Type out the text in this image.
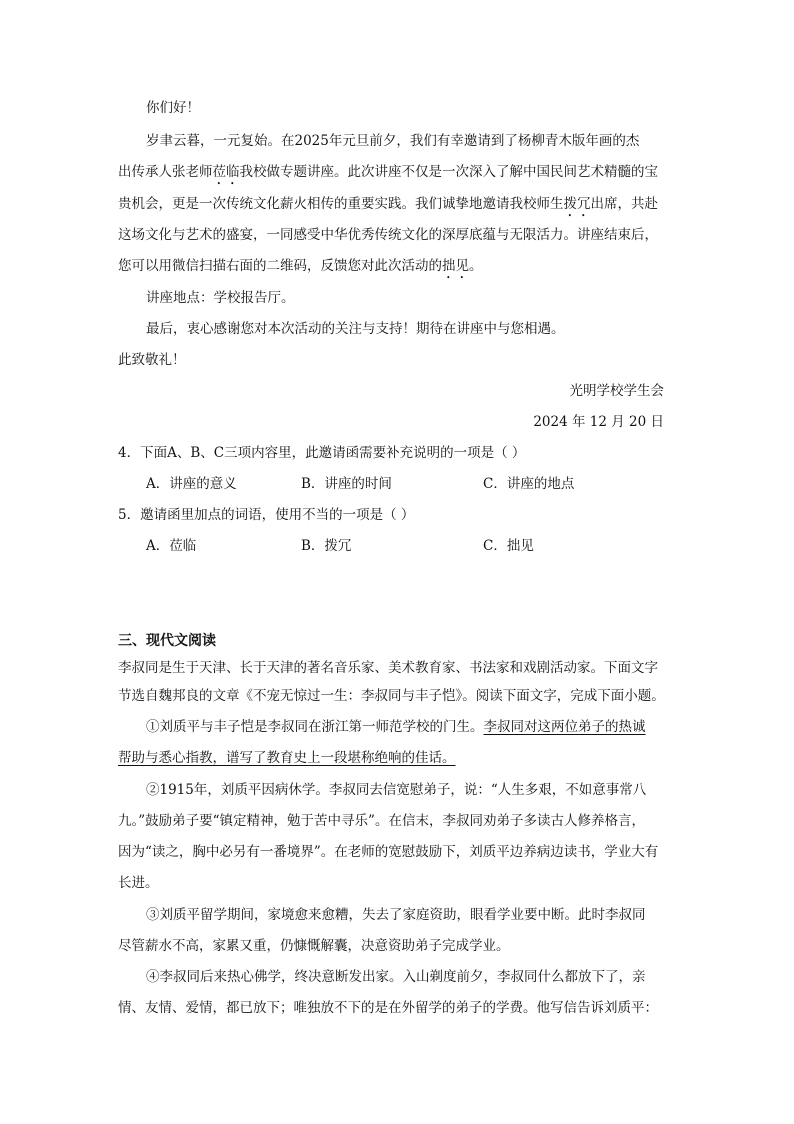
你们好！
岁聿云暮，一元复始。在2025年元旦前夕，我们有幸邀请到了杨柳青木版年画的杰
出传承人张老师莅临我校做专题讲座。此次讲座不仅是一次深入了解中国民间艺术精髓的宝
贵机会，更是一次传统文化薪火相传的重要实践。我们诚挚地邀请我校师生拨冗出席，共赴
这场文化与艺术的盛宴，一同感受中华优秀传统文化的深厚底蕴与无限活力。讲座结束后，
您可以用微信扫描右面的二维码，反馈您对此次活动的拙见。
讲座地点：学校报告厅。
最后，衷心感谢您对本次活动的关注与支持！期待在讲座中与您相遇。
此致敬礼！
光明学校学生会
2024 年 12 月 20 日
4．下面A、B、C三项内容里，此邀请函需要补充说明的一项是（ ）
A．讲座的意义	B．讲座的时间	C．讲座的地点
5．邀请函里加点的词语，使用不当的一项是（ ）
A．莅临	B．拨冗	C．拙见
三、现代文阅读
李叔同是生于天津、长于天津的著名音乐家、美术教育家、书法家和戏剧活动家。下面文字
节选自魏邦良的文章《不宠无惊过一生：李叔同与丰子恺》。阅读下面文字，完成下面小题。
①刘质平与丰子恺是李叔同在浙江第一师范学校的门生。李叔同对这两位弟子的热诚
帮助与悉心指教，谱写了教育史上一段堪称绝响的佳话。
②1915年，刘质平因病休学。李叔同去信宽慰弟子，说：“人生多艰，不如意事常八
九。”鼓励弟子要“镇定精神，勉于苦中寻乐”。在信末，李叔同劝弟子多读古人修养格言，
因为“读之，胸中必另有一番境界”。在老师的宽慰鼓励下，刘质平边养病边读书，学业大有
长进。
③刘质平留学期间，家境愈来愈糟，失去了家庭资助，眼看学业要中断。此时李叔同
尽管薪水不高，家累又重，仍慷慨解囊，决意资助弟子完成学业。
④李叔同后来热心佛学，终决意断发出家。入山剃度前夕，李叔同什么都放下了，亲
情、友情、爱情，都已放下；唯独放不下的是在外留学的弟子的学费。他写信告诉刘质平：
